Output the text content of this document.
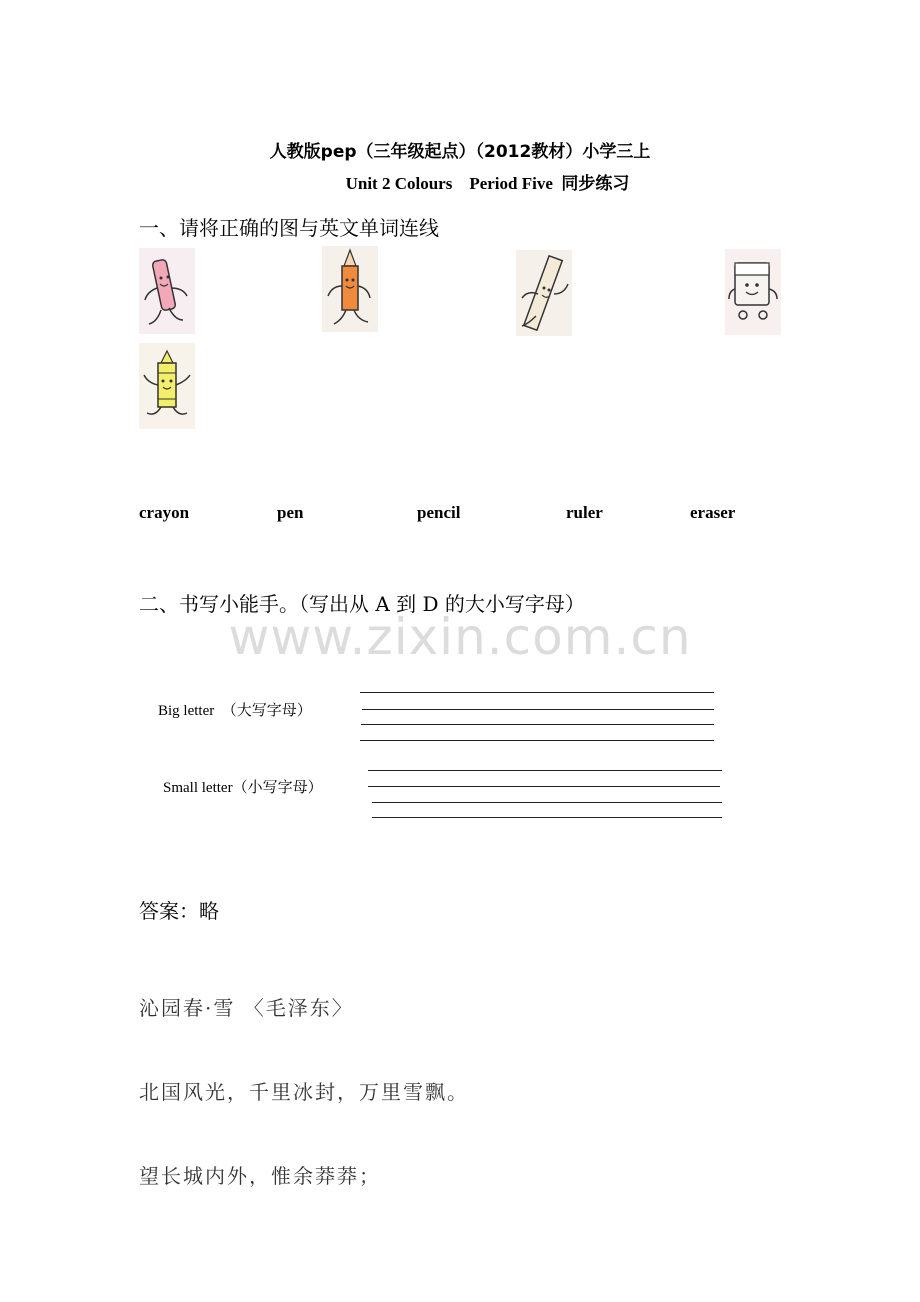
人教版pep（三年级起点）（2012教材）小学三上
Unit 2 Colours    Period Five  同步练习
一、请将正确的图与英文单词连线
crayon	pen	pencil	ruler	eraser
二、书写小能手。（写出从 A 到 D 的大小写字母）
www.zixin.com.cn
Big letter  （大写字母）
Small letter（小写字母）
答案：略
沁园春·雪 〈毛泽东〉
北国风光，千里冰封，万里雪飘。
望长城内外，惟余莽莽；
